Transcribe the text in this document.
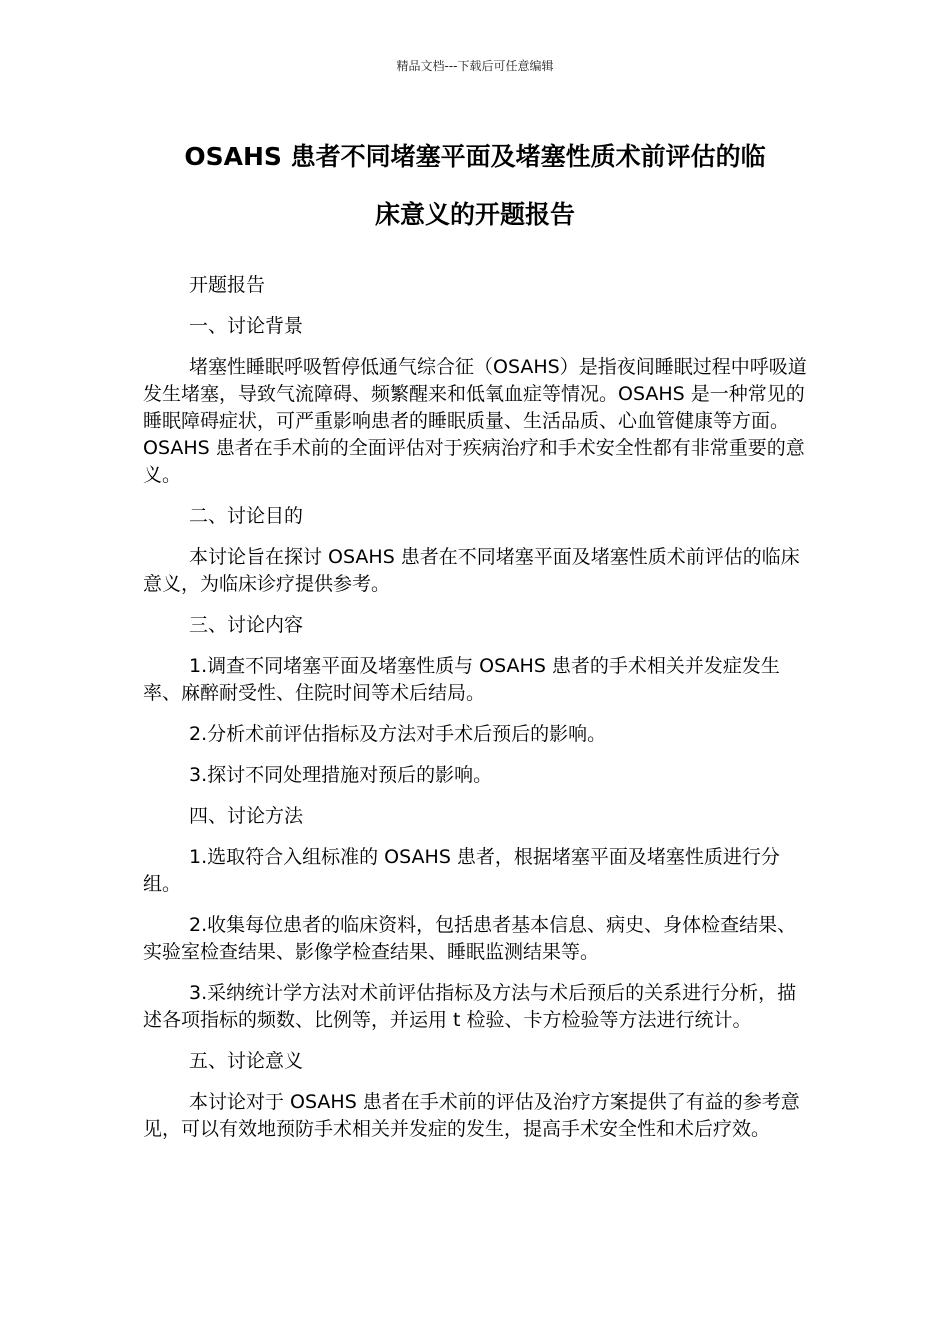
精品文档---下载后可任意编辑
OSAHS 患者不同堵塞平面及堵塞性质术前评估的临
床意义的开题报告

开题报告

一、讨论背景

堵塞性睡眠呼吸暂停低通气综合征（OSAHS）是指夜间睡眠过程中呼吸道发生堵塞，导致气流障碍、频繁醒来和低氧血症等情况。OSAHS 是一种常见的睡眠障碍症状，可严重影响患者的睡眠质量、生活品质、心血管健康等方面。OSAHS 患者在手术前的全面评估对于疾病治疗和手术安全性都有非常重要的意义。

二、讨论目的

本讨论旨在探讨 OSAHS 患者在不同堵塞平面及堵塞性质术前评估的临床意义，为临床诊疗提供参考。

三、讨论内容

1.调查不同堵塞平面及堵塞性质与 OSAHS 患者的手术相关并发症发生率、麻醉耐受性、住院时间等术后结局。

2.分析术前评估指标及方法对手术后预后的影响。

3.探讨不同处理措施对预后的影响。

四、讨论方法

1.选取符合入组标准的 OSAHS 患者，根据堵塞平面及堵塞性质进行分组。

2.收集每位患者的临床资料，包括患者基本信息、病史、身体检查结果、实验室检查结果、影像学检查结果、睡眠监测结果等。

3.采纳统计学方法对术前评估指标及方法与术后预后的关系进行分析，描述各项指标的频数、比例等，并运用 t 检验、卡方检验等方法进行统计。

五、讨论意义

本讨论对于 OSAHS 患者在手术前的评估及治疗方案提供了有益的参考意见，可以有效地预防手术相关并发症的发生，提高手术安全性和术后疗效。
